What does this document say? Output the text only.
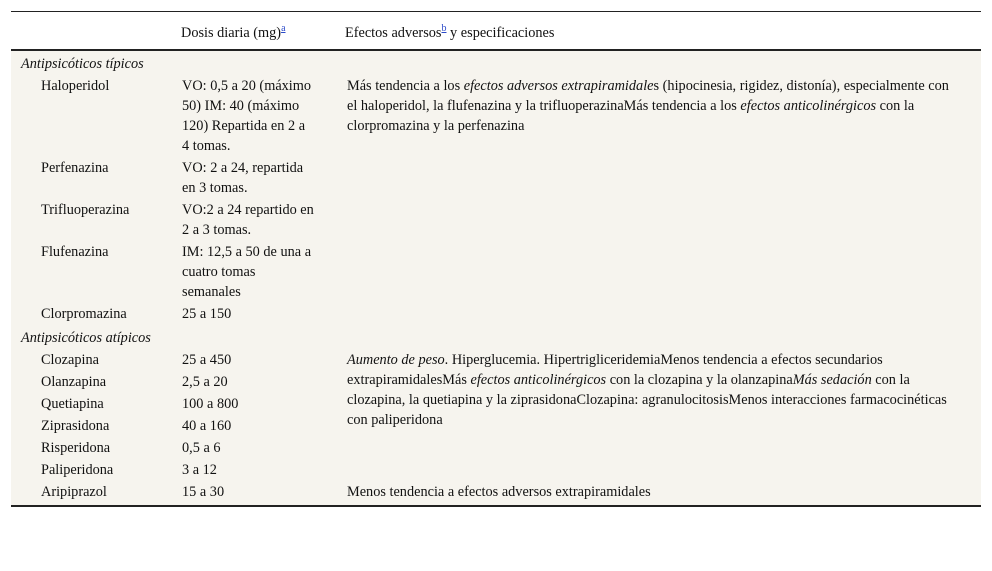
	Dosis diaria (mg)$^a$	Efectos adversos$^b$ y especificaciones
Antipsicóticos típicos		
Haloperidol	VO: 0,5 a 20 (máximo 50) IM: 40 (máximo 120) Repartida en 2 a 4 tomas.	Más tendencia a los efectos adversos extrapiramidales (hipocinesia, rigidez, distonía), especialmente con el haloperidol, la flufenazina y la trifluoperazinaMás tendencia a los efectos anticolinérgicos con la clorpromazina y la perfenazina
Perfenazina	VO: 2 a 24, repartida en 3 tomas.	
Trifluoperazina	VO:2 a 24 repartido en 2 a 3 tomas.	
Flufenazina	IM: 12,5 a 50 de una a cuatro tomas semanales	
Clorpromazina	25 a 150	
Antipsicóticos atípicos		
Clozapina	25 a 450	Aumento de peso. Hiperglucemia. HipertrigliceridemiaMenos tendencia a efectos secundarios extrapiramidalesMás efectos anticolinérgicos con la clozapina y la olanzapinaMás sedación con la clozapina, la quetiapina y la ziprasidonaClozapina: agranulocitosisMenos interacciones farmacocinéticas con paliperidona
Olanzapina	2,5 a 20	
Quetiapina	100 a 800	
Ziprasidona	40 a 160	
Risperidona	0,5 a 6	
Paliperidona	3 a 12	
Aripiprazol	15 a 30	Menos tendencia a efectos adversos extrapiramidales
